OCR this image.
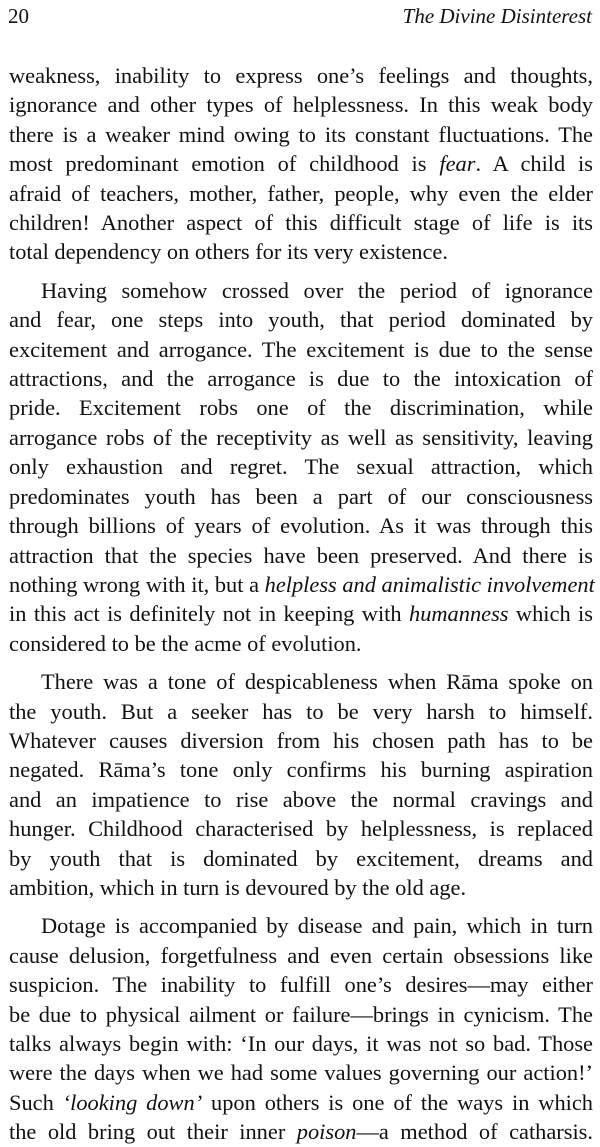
20	The Divine Disinterest
weakness, inability to express one’s feelings and thoughts,
ignorance and other types of helplessness. In this weak body
there is a weaker mind owing to its constant fluctuations. The
most predominant emotion of childhood is fear. A child is
afraid of teachers, mother, father, people, why even the elder
children! Another aspect of this difficult stage of life is its
total dependency on others for its very existence.
Having somehow crossed over the period of ignorance
and fear, one steps into youth, that period dominated by
excitement and arrogance. The excitement is due to the sense
attractions, and the arrogance is due to the intoxication of
pride. Excitement robs one of the discrimination, while
arrogance robs of the receptivity as well as sensitivity, leaving
only exhaustion and regret. The sexual attraction, which
predominates youth has been a part of our consciousness
through billions of years of evolution. As it was through this
attraction that the species have been preserved. And there is
nothing wrong with it, but a helpless and animalistic involvement
in this act is definitely not in keeping with humanness which is
considered to be the acme of evolution.
There was a tone of despicableness when Rāma spoke on
the youth. But a seeker has to be very harsh to himself.
Whatever causes diversion from his chosen path has to be
negated. Rāma’s tone only confirms his burning aspiration
and an impatience to rise above the normal cravings and
hunger. Childhood characterised by helplessness, is replaced
by youth that is dominated by excitement, dreams and
ambition, which in turn is devoured by the old age.
Dotage is accompanied by disease and pain, which in turn
cause delusion, forgetfulness and even certain obsessions like
suspicion. The inability to fulfill one’s desires—may either
be due to physical ailment or failure—brings in cynicism. The
talks always begin with: ‘In our days, it was not so bad. Those
were the days when we had some values governing our action!’
Such ‘looking down’ upon others is one of the ways in which
the old bring out their inner poison—a method of catharsis.
